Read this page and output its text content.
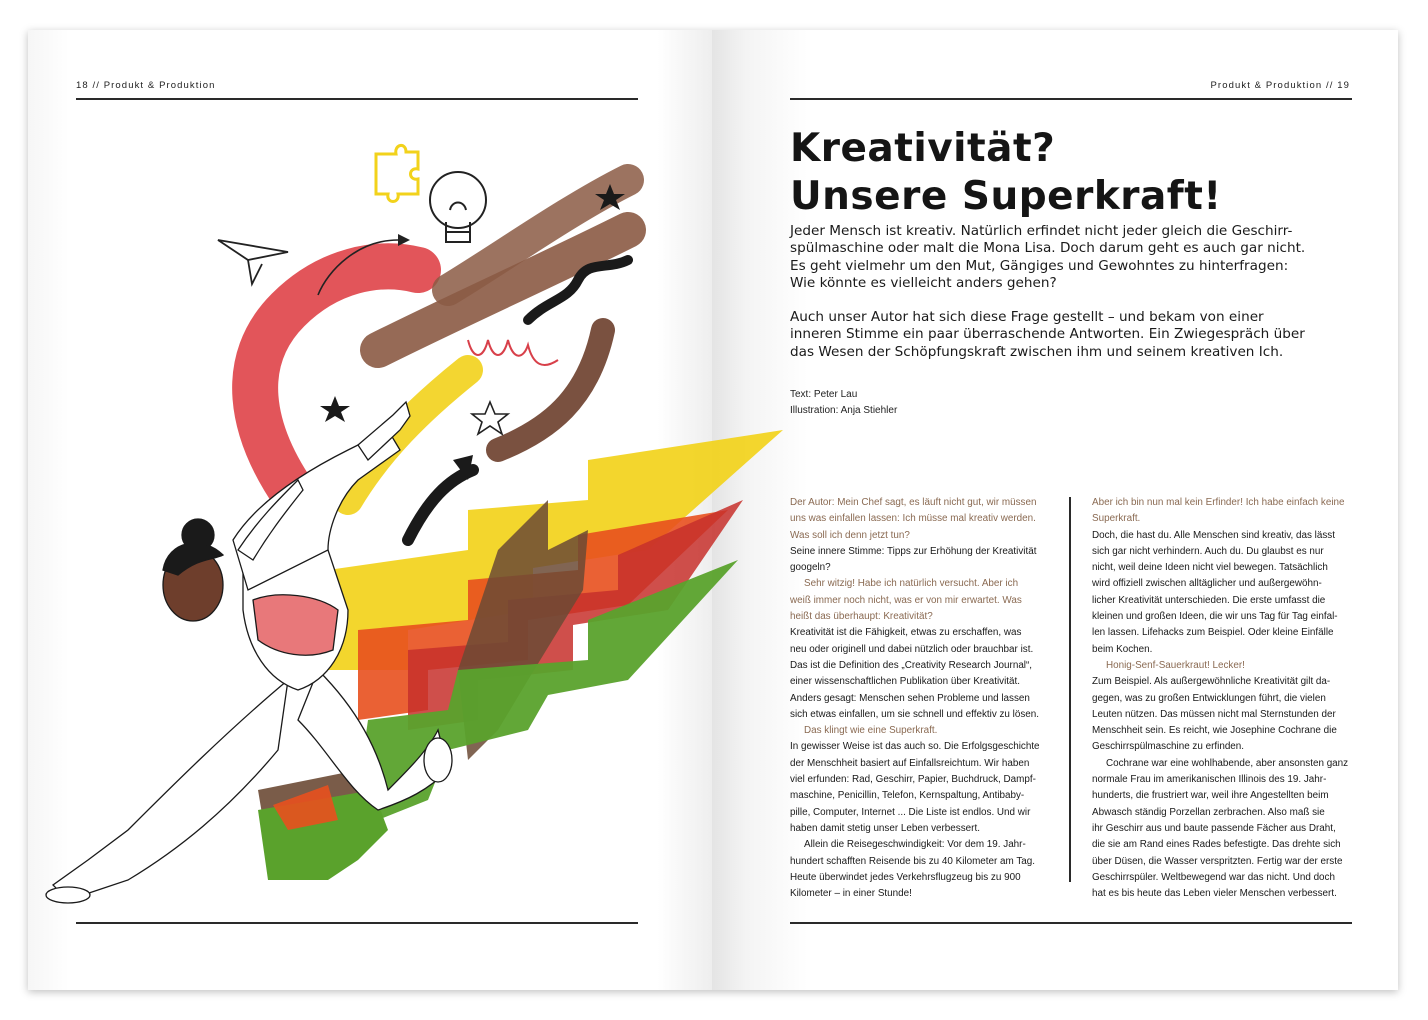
18 // Produkt & Produktion	Produkt & Produktion // 19
Kreativität?
Unsere Superkraft!

Jeder Mensch ist kreativ. Natürlich erfindet nicht jeder gleich die Geschirr-
spülmaschine oder malt die Mona Lisa. Doch darum geht es auch gar nicht.
Es geht vielmehr um den Mut, Gängiges und Gewohntes zu hinterfragen:
Wie könnte es vielleicht anders gehen?

Auch unser Autor hat sich diese Frage gestellt – und bekam von einer
inneren Stimme ein paar überraschende Antworten. Ein Zwiegespräch über
das Wesen der Schöpfungskraft zwischen ihm und seinem kreativen Ich.

Text: Peter Lau
Illustration: Anja Stiehler
Der Autor: Mein Chef sagt, es läuft nicht gut, wir müssen
uns was einfallen lassen: Ich müsse mal kreativ werden.
Was soll ich denn jetzt tun?
Seine innere Stimme: Tipps zur Erhöhung der Kreativität
googeln?
Sehr witzig! Habe ich natürlich versucht. Aber ich
weiß immer noch nicht, was er von mir erwartet. Was
heißt das überhaupt: Kreativität?
Kreativität ist die Fähigkeit, etwas zu erschaffen, was
neu oder originell und dabei nützlich oder brauchbar ist.
Das ist die Definition des „Creativity Research Journal“,
einer wissenschaftlichen Publikation über Kreativität.
Anders gesagt: Menschen sehen Probleme und lassen
sich etwas einfallen, um sie schnell und effektiv zu lösen.
Das klingt wie eine Superkraft.
In gewisser Weise ist das auch so. Die Erfolgsgeschichte
der Menschheit basiert auf Einfallsreichtum. Wir haben
viel erfunden: Rad, Geschirr, Papier, Buchdruck, Dampf-
maschine, Penicillin, Telefon, Kernspaltung, Antibaby-
pille, Computer, Internet ... Die Liste ist endlos. Und wir
haben damit stetig unser Leben verbessert.
Allein die Reisegeschwindigkeit: Vor dem 19. Jahr-
hundert schafften Reisende bis zu 40 Kilometer am Tag.
Heute überwindet jedes Verkehrsflugzeug bis zu 900
Kilometer – in einer Stunde!
Aber ich bin nun mal kein Erfinder! Ich habe einfach keine
Superkraft.
Doch, die hast du. Alle Menschen sind kreativ, das lässt
sich gar nicht verhindern. Auch du. Du glaubst es nur
nicht, weil deine Ideen nicht viel bewegen. Tatsächlich
wird offiziell zwischen alltäglicher und außergewöhn-
licher Kreativität unterschieden. Die erste umfasst die
kleinen und großen Ideen, die wir uns Tag für Tag einfal-
len lassen. Lifehacks zum Beispiel. Oder kleine Einfälle
beim Kochen.
Honig-Senf-Sauerkraut! Lecker!
Zum Beispiel. Als außergewöhnliche Kreativität gilt da-
gegen, was zu großen Entwicklungen führt, die vielen
Leuten nützen. Das müssen nicht mal Sternstunden der
Menschheit sein. Es reicht, wie Josephine Cochrane die
Geschirrspülmaschine zu erfinden.
Cochrane war eine wohlhabende, aber ansonsten ganz
normale Frau im amerikanischen Illinois des 19. Jahr-
hunderts, die frustriert war, weil ihre Angestellten beim
Abwasch ständig Porzellan zerbrachen. Also maß sie
ihr Geschirr aus und baute passende Fächer aus Draht,
die sie am Rand eines Rades befestigte. Das drehte sich
über Düsen, die Wasser verspritzten. Fertig war der erste
Geschirrspüler. Weltbewegend war das nicht. Und doch
hat es bis heute das Leben vieler Menschen verbessert.
